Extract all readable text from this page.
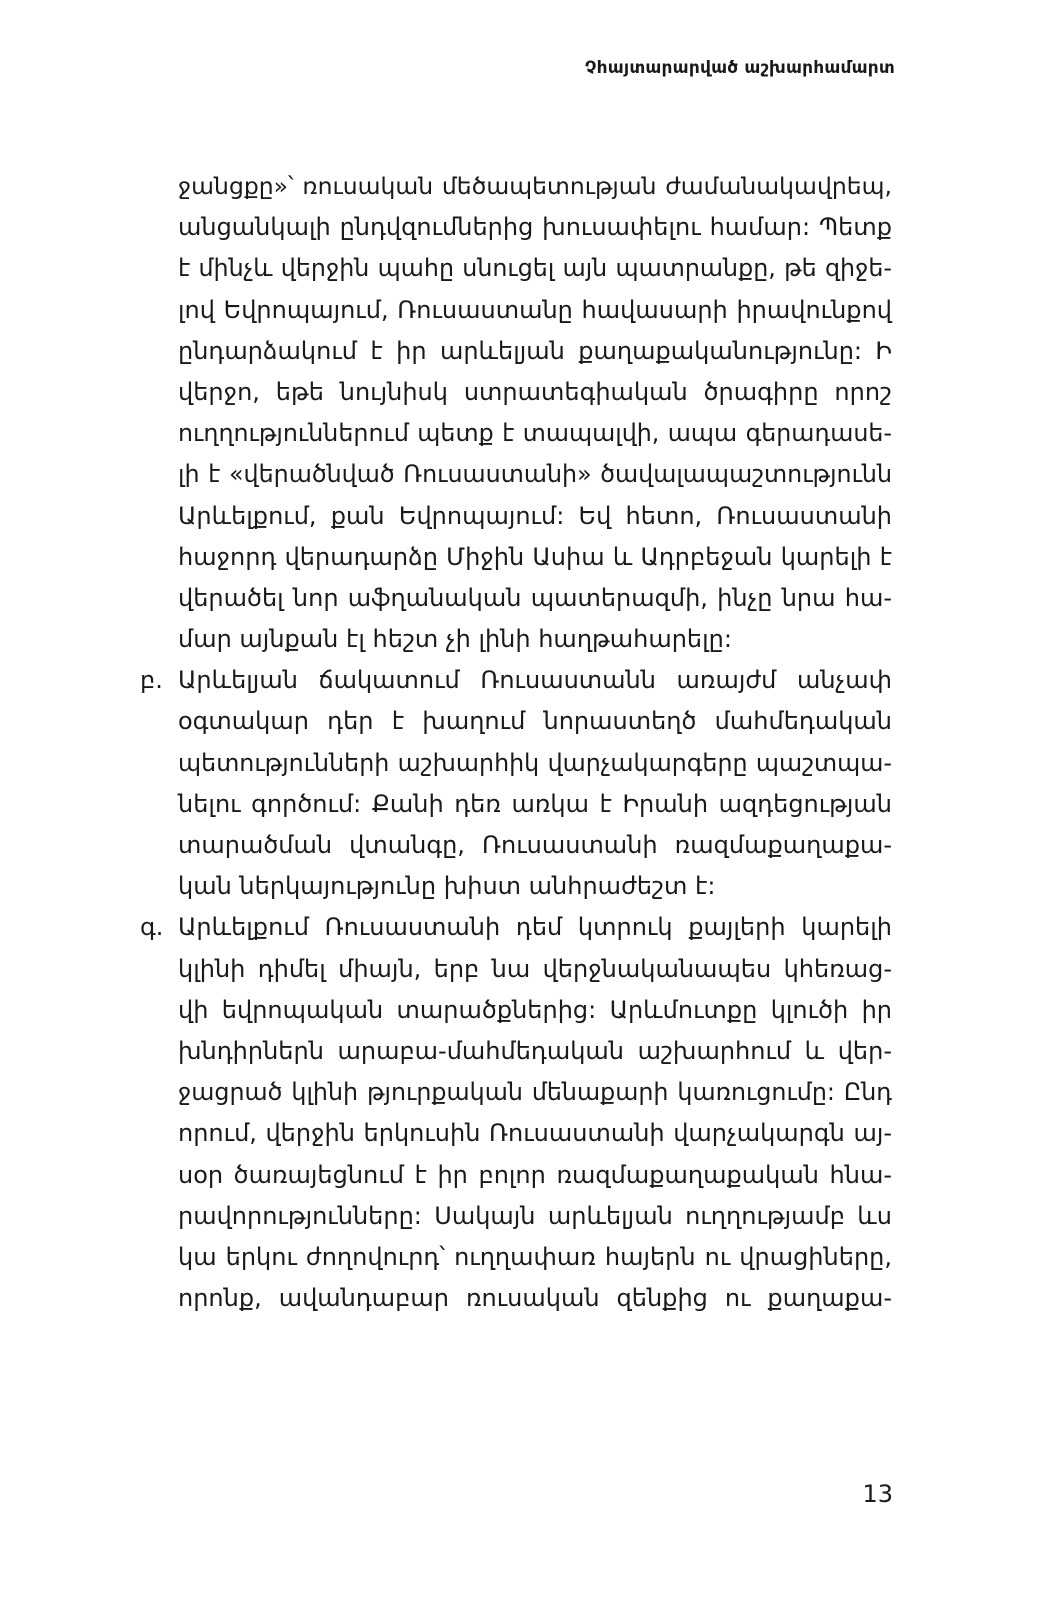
Չհայտարարված աշխարհամարտ
ջանցքը»՝ ռուսական մեծապետության ժամանակավրեպ,
անցանկալի ընդվզումներից խուսափելու համար: Պետք
է մինչև վերջին պահը սնուցել այն պատրանքը, թե զիջե-
լով Եվրոպայում, Ռուսաստանը հավասարի իրավունքով
ընդարձակում է իր արևելյան քաղաքականությունը: Ի
վերջո, եթե նույնիսկ ստրատեգիական ծրագիրը որոշ
ուղղություններում պետք է տապալվի, ապա գերադասե-
լի է «վերածնված Ռուսաստանի» ծավալապաշտությունն
Արևելքում, քան Եվրոպայում: Եվ հետո, Ռուսաստանի
հաջորդ վերադարձը Միջին Ասիա և Ադրբեջան կարելի է
վերածել նոր աֆղանական պատերազմի, ինչը նրա հա-
մար այնքան էլ հեշտ չի լինի հաղթահարելը:
բ. Արևելյան ճակատում Ռուսաստանն առայժմ անչափ
օգտակար դեր է խաղում նորաստեղծ մահմեդական
պետությունների աշխարհիկ վարչակարգերը պաշտպա-
նելու գործում: Քանի դեռ առկա է Իրանի ազդեցության
տարածման վտանգը, Ռուսաստանի ռազմաքաղաքա-
կան ներկայությունը խիստ անհրաժեշտ է:
գ. Արևելքում Ռուսաստանի դեմ կտրուկ քայլերի կարելի
կլինի դիմել միայն, երբ նա վերջնականապես կհեռաց-
վի եվրոպական տարածքներից: Արևմուտքը կլուծի իր
խնդիրներն արաբա-մահմեդական աշխարհում և վեր-
ջացրած կլինի թյուրքական մենաքարի կառուցումը: Ընդ
որում, վերջին երկուսին Ռուսաստանի վարչակարգն այ-
սօր ծառայեցնում է իր բոլոր ռազմաքաղաքական հնա-
րավորությունները: Սակայն արևելյան ուղղությամբ ևս
կա երկու ժողովուրդ՝ ուղղափառ հայերն ու վրացիները,
որոնք, ավանդաբար ռուսական զենքից ու քաղաքա-
13
